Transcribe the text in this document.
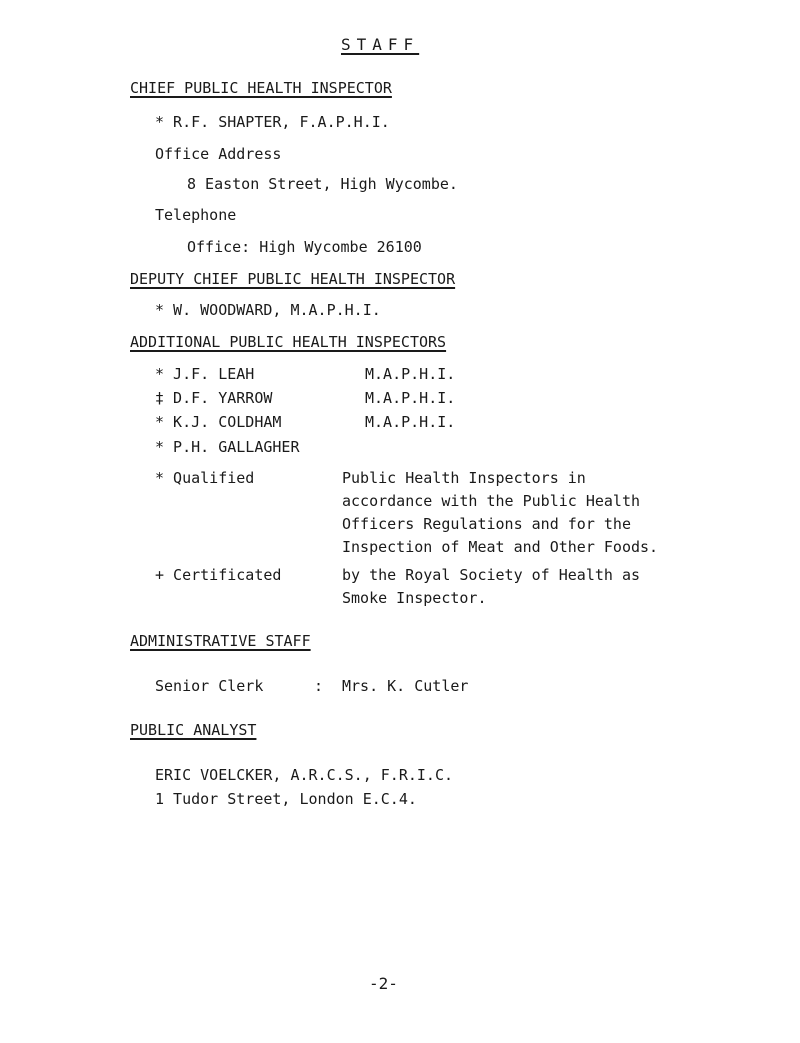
STAFF
CHIEF PUBLIC HEALTH INSPECTOR
* R.F. SHAPTER, F.A.P.H.I.
Office Address
8 Easton Street, High Wycombe.
Telephone
Office: High Wycombe 26100
DEPUTY CHIEF PUBLIC HEALTH INSPECTOR
* W. WOODWARD, M.A.P.H.I.
ADDITIONAL PUBLIC HEALTH INSPECTORS
* J.F. LEAH	M.A.P.H.I.
‡ D.F. YARROW	M.A.P.H.I.
* K.J. COLDHAM	M.A.P.H.I.
* P.H. GALLAGHER
* Qualified	Public Health Inspectors in accordance with the Public Health Officers Regulations and for the Inspection of Meat and Other Foods.
+ Certificated	by the Royal Society of Health as Smoke Inspector.
ADMINISTRATIVE STAFF
Senior Clerk	: Mrs. K. Cutler
PUBLIC ANALYST
ERIC VOELCKER, A.R.C.S., F.R.I.C.
1 Tudor Street, London E.C.4.
-2-
